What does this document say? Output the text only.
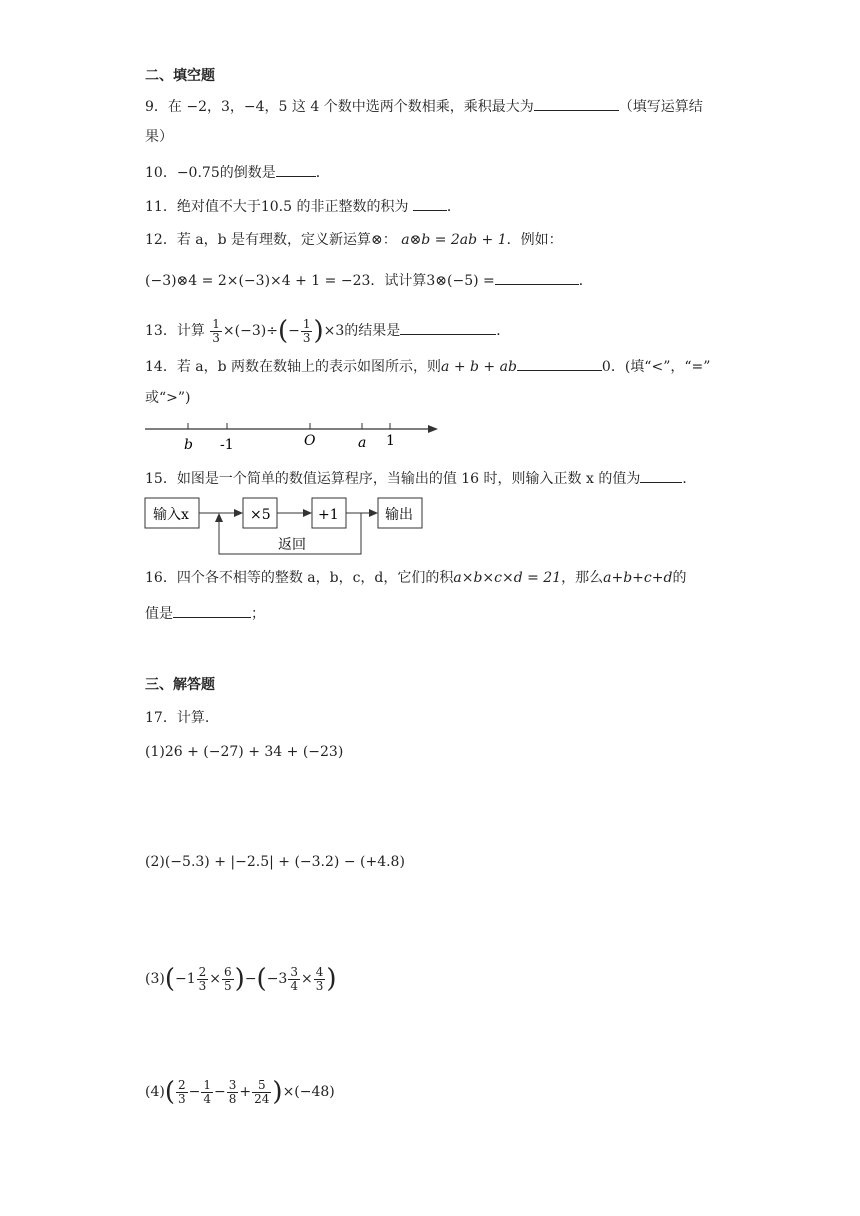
二、填空题
9．在 −2，3，−4，5 这 4 个数中选两个数相乘，乘积最大为	（填写运算结
果）
10．−0.75的倒数是	．
11．绝对值不大于10.5 的非正整数的积为	．
12．若 a，b 是有理数，定义新运算⊗： a⊗b = 2ab + 1．例如：
(−3)⊗4 = 2×(−3)×4 + 1 = −23．试计算3⊗(−5) =	．
13．计算 $\frac{1}{3} \times(-3)\div(- \frac{1}{3} )\times 3$的结果是	．
14．若 a，b 两数在数轴上的表示如图所示，则a + b + ab	0．(填“<”，“=”
或“>”)
b -1	O	a 1
15．如图是一个简单的数值运算程序，当输出的值 16 时，则输入正数 x 的值为	．
输入x	×5	+1	输出
返回
16．四个各不相等的整数 a，b，c，d，它们的积a×b×c×d = 21，那么a+b+c+d的
值是	；
三、解答题
17．计算.
(1)26 + (−27) + 34 + (−23)
(2)(−5.3) + |−2.5| + (−3.2) − (+4.8)
$(3)(-1 \frac{2}{3} \times \frac{6}{5} )-(-3 \frac{3}{4} \times \frac{4}{3}$ )
$(4)( \frac{2}{3} - \frac{1}{4} - \frac{3}{8} + \frac{5}{24} )\times(-48)$
